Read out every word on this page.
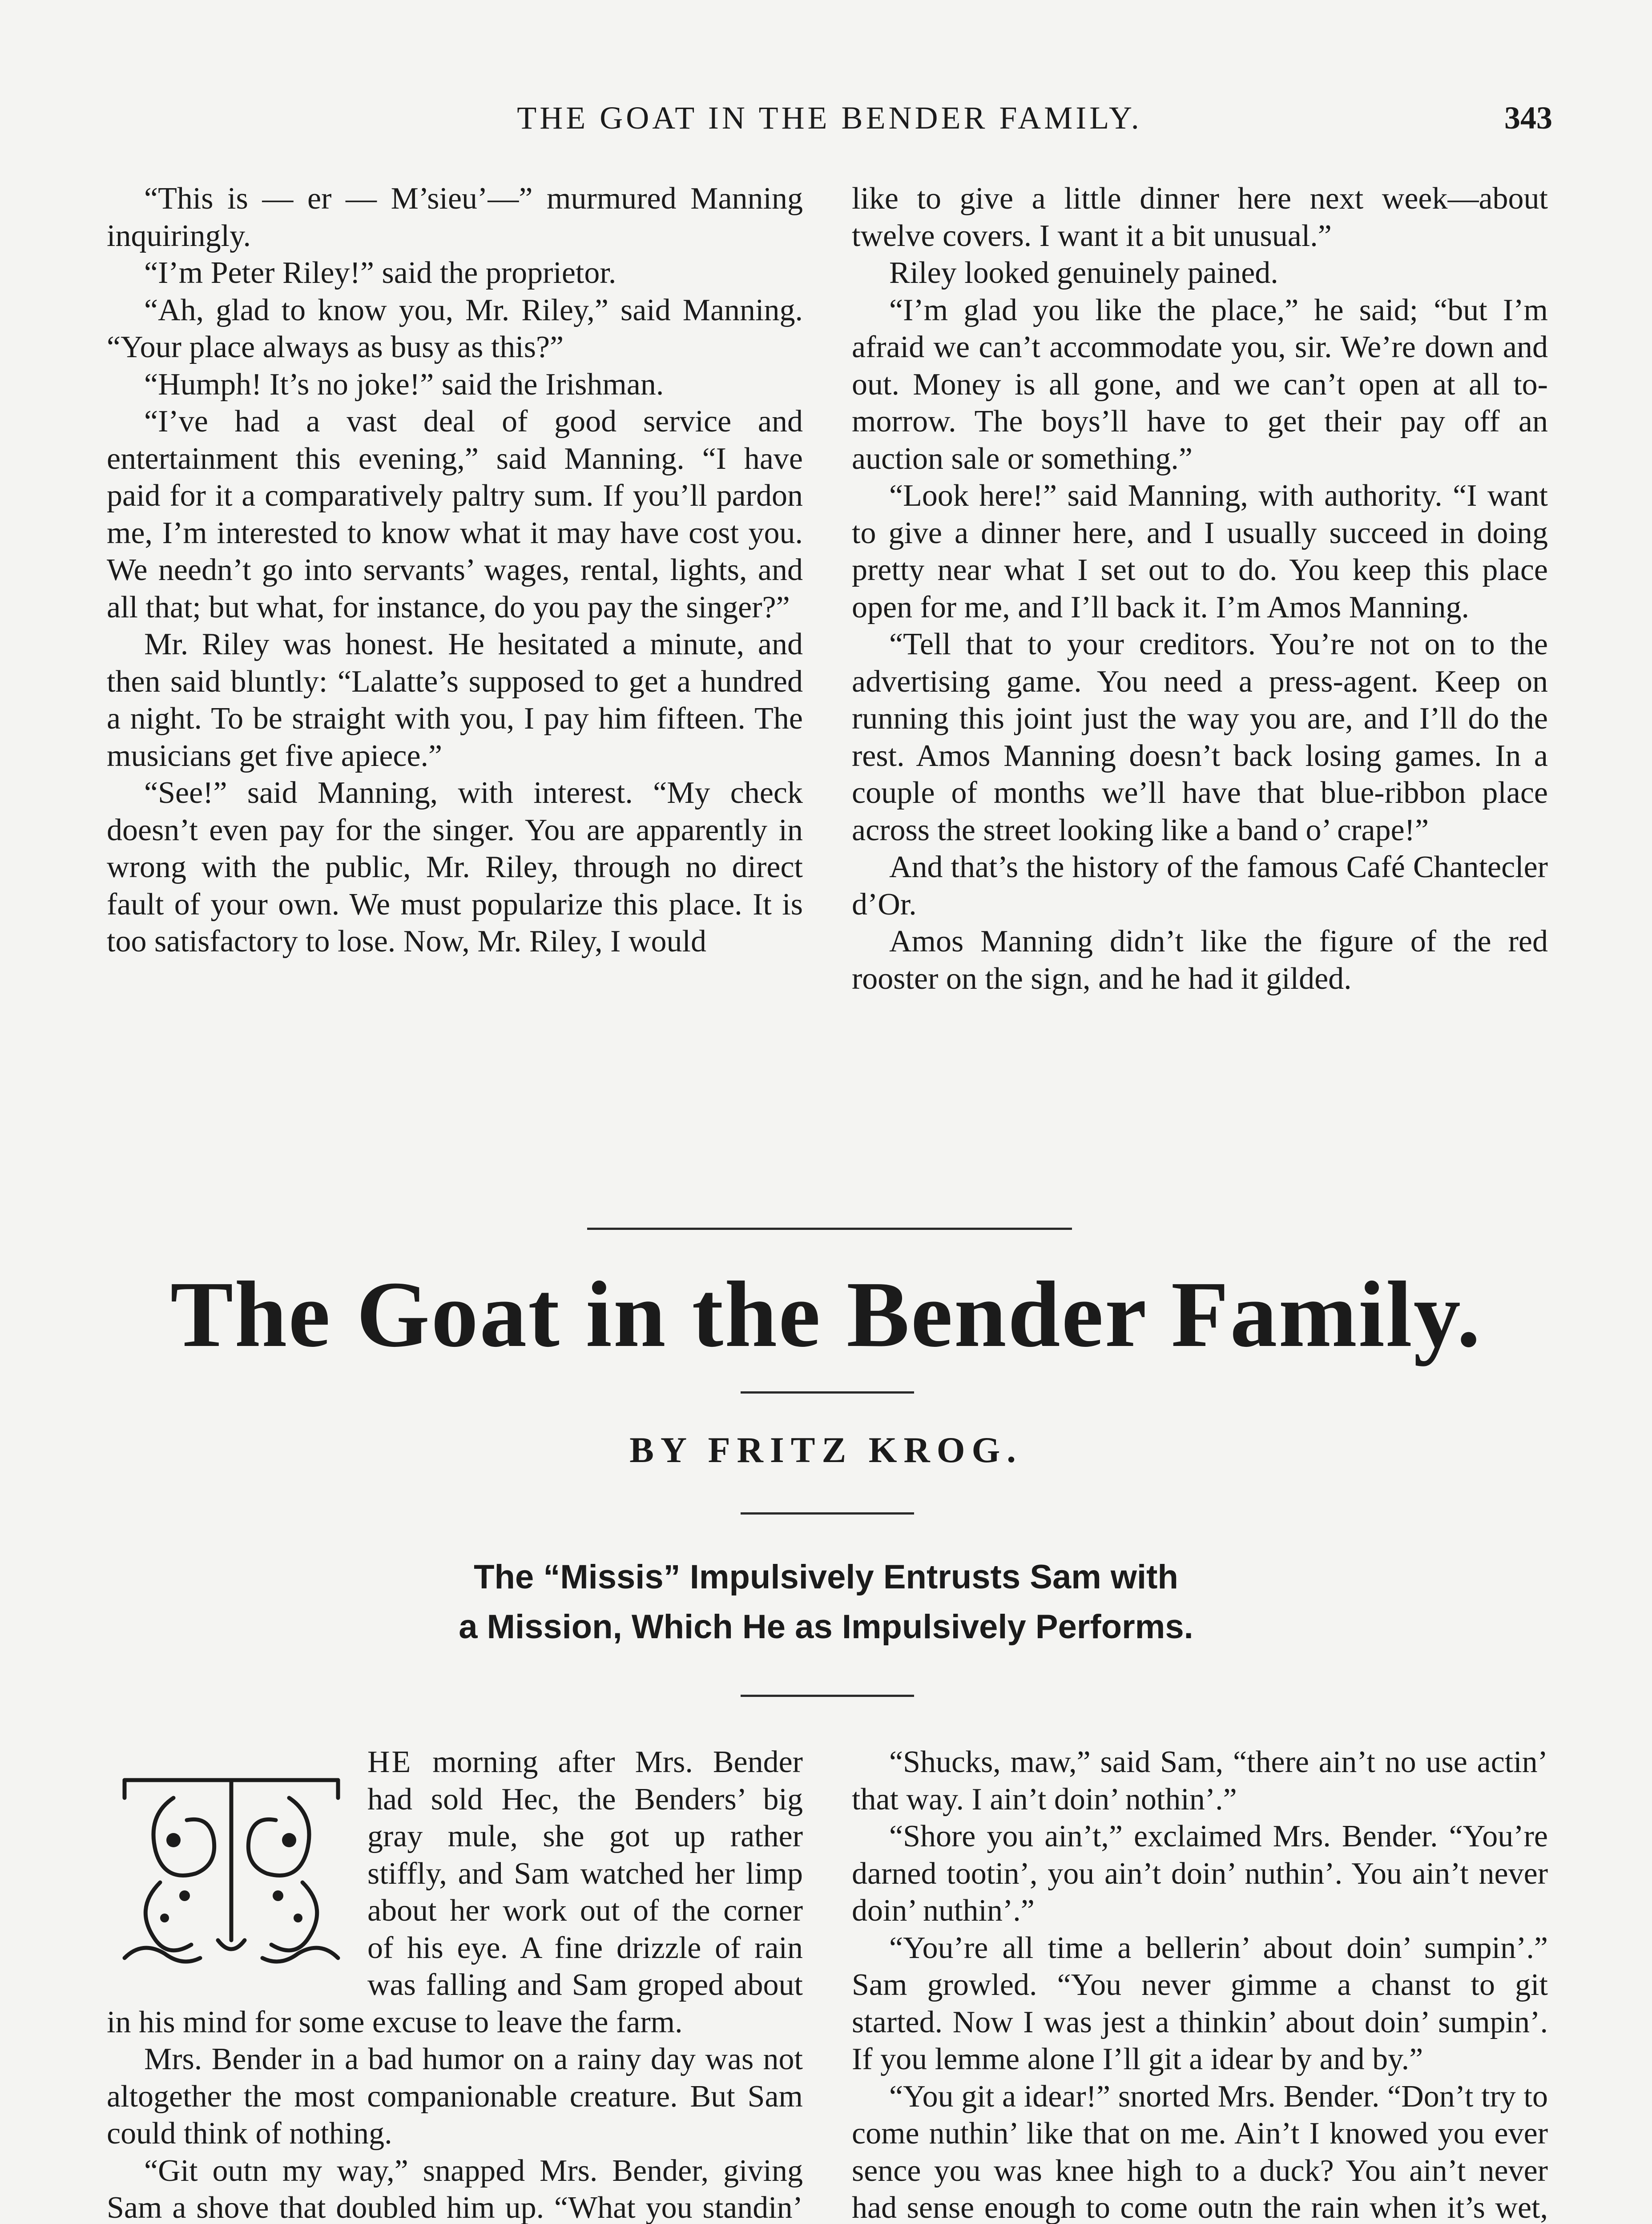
THE GOAT IN THE BENDER FAMILY.	343

“This is — er — M’sieu’—” murmured Manning inquiringly.

“I’m Peter Riley!” said the proprietor.

“Ah, glad to know you, Mr. Riley,” said Manning. “Your place always as busy as this?”

“Humph! It’s no joke!” said the Irishman.

“I’ve had a vast deal of good service and entertainment this evening,” said Manning. “I have paid for it a comparatively paltry sum. If you’ll pardon me, I’m interested to know what it may have cost you. We needn’t go into servants’ wages, rental, lights, and all that; but what, for instance, do you pay the singer?”

Mr. Riley was honest. He hesitated a minute, and then said bluntly: “Lalatte’s supposed to get a hundred a night. To be straight with you, I pay him fifteen. The musicians get five apiece.”

“See!” said Manning, with interest. “My check doesn’t even pay for the singer. You are apparently in wrong with the public, Mr. Riley, through no direct fault of your own. We must popularize this place. It is too satisfactory to lose. Now, Mr. Riley, I would

like to give a little dinner here next week—about twelve covers. I want it a bit unusual.”

Riley looked genuinely pained.

“I’m glad you like the place,” he said; “but I’m afraid we can’t accommodate you, sir. We’re down and out. Money is all gone, and we can’t open at all to-morrow. The boys’ll have to get their pay off an auction sale or something.”

“Look here!” said Manning, with authority. “I want to give a dinner here, and I usually succeed in doing pretty near what I set out to do. You keep this place open for me, and I’ll back it. I’m Amos Manning.

“Tell that to your creditors. You’re not on to the advertising game. You need a press-agent. Keep on running this joint just the way you are, and I’ll do the rest. Amos Manning doesn’t back losing games. In a couple of months we’ll have that blue-ribbon place across the street looking like a band o’ crape!”

And that’s the history of the famous Café Chantecler d’Or.

Amos Manning didn’t like the figure of the red rooster on the sign, and he had it gilded.

The Goat in the Bender Family.
BY FRITZ KROG.
The “Missis” Impulsively Entrusts Sam with
a Mission, Which He as Impulsively Performs.

HE morning after Mrs. Bender had sold Hec, the Benders’ big gray mule, she got up rather stiffly, and Sam watched her limp about her work out of the corner of his eye. A fine drizzle of rain was falling and Sam groped about in his mind for some excuse to leave the farm.

Mrs. Bender in a bad humor on a rainy day was not altogether the most companionable creature. But Sam could think of nothing.

“Git outn my way,” snapped Mrs. Bender, giving Sam a shove that doubled him up. “What you standin’

“Shucks, maw,” said Sam, “there ain’t no use actin’ that way. I ain’t doin’ nothin’.”

“Shore you ain’t,” exclaimed Mrs. Bender. “You’re darned tootin’, you ain’t doin’ nuthin’. You ain’t never doin’ nuthin’.”

“You’re all time a bellerin’ about doin’ sumpin’.” Sam growled. “You never gimme a chanst to git started. Now I was jest a thinkin’ about doin’ sumpin’. If you lemme alone I’ll git a idear by and by.”

“You git a idear!” snorted Mrs. Bender. “Don’t try to come nuthin’ like that on me. Ain’t I knowed you ever sence you was knee high to a duck? You ain’t never had sense enough to come outn the rain when it’s wet,
